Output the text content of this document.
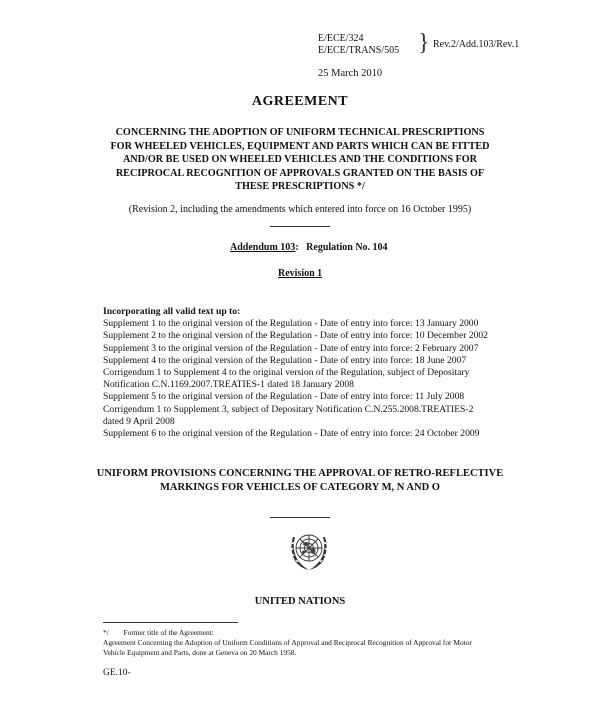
E/ECE/324
E/ECE/TRANS/505 } Rev.2/Add.103/Rev.1
25 March 2010
AGREEMENT
CONCERNING THE ADOPTION OF UNIFORM TECHNICAL PRESCRIPTIONS
FOR WHEELED VEHICLES, EQUIPMENT AND PARTS WHICH CAN BE FITTED
AND/OR BE USED ON WHEELED VEHICLES AND THE CONDITIONS FOR
RECIPROCAL RECOGNITION OF APPROVALS GRANTED ON THE BASIS OF
THESE PRESCRIPTIONS */
(Revision 2, including the amendments which entered into force on 16 October 1995)
Addendum 103: Regulation No. 104
Revision 1
Incorporating all valid text up to:
Supplement 1 to the original version of the Regulation - Date of entry into force: 13 January 2000
Supplement 2 to the original version of the Regulation - Date of entry into force: 10 December 2002
Supplement 3 to the original version of the Regulation - Date of entry into force: 2 February 2007
Supplement 4 to the original version of the Regulation - Date of entry into force: 18 June 2007
Corrigendum 1 to Supplement 4 to the original version of the Regulation, subject of Depositary
Notification C.N.1169.2007.TREATIES-1 dated 18 January 2008
Supplement 5 to the original version of the Regulation - Date of entry into force: 11 July 2008
Corrigendum 1 to Supplement 3, subject of Depositary Notification C.N.255.2008.TREATIES-2
dated 9 April 2008
Supplement 6 to the original version of the Regulation - Date of entry into force: 24 October 2009
UNIFORM PROVISIONS CONCERNING THE APPROVAL OF RETRO-REFLECTIVE
MARKINGS FOR VEHICLES OF CATEGORY M, N AND O
UNITED NATIONS
*/ Former title of the Agreement:
Agreement Concerning the Adoption of Uniform Conditions of Approval and Reciprocal Recognition of Approval for Motor
Vehicle Equipment and Parts, done at Geneva on 20 March 1958.
GE.10-
